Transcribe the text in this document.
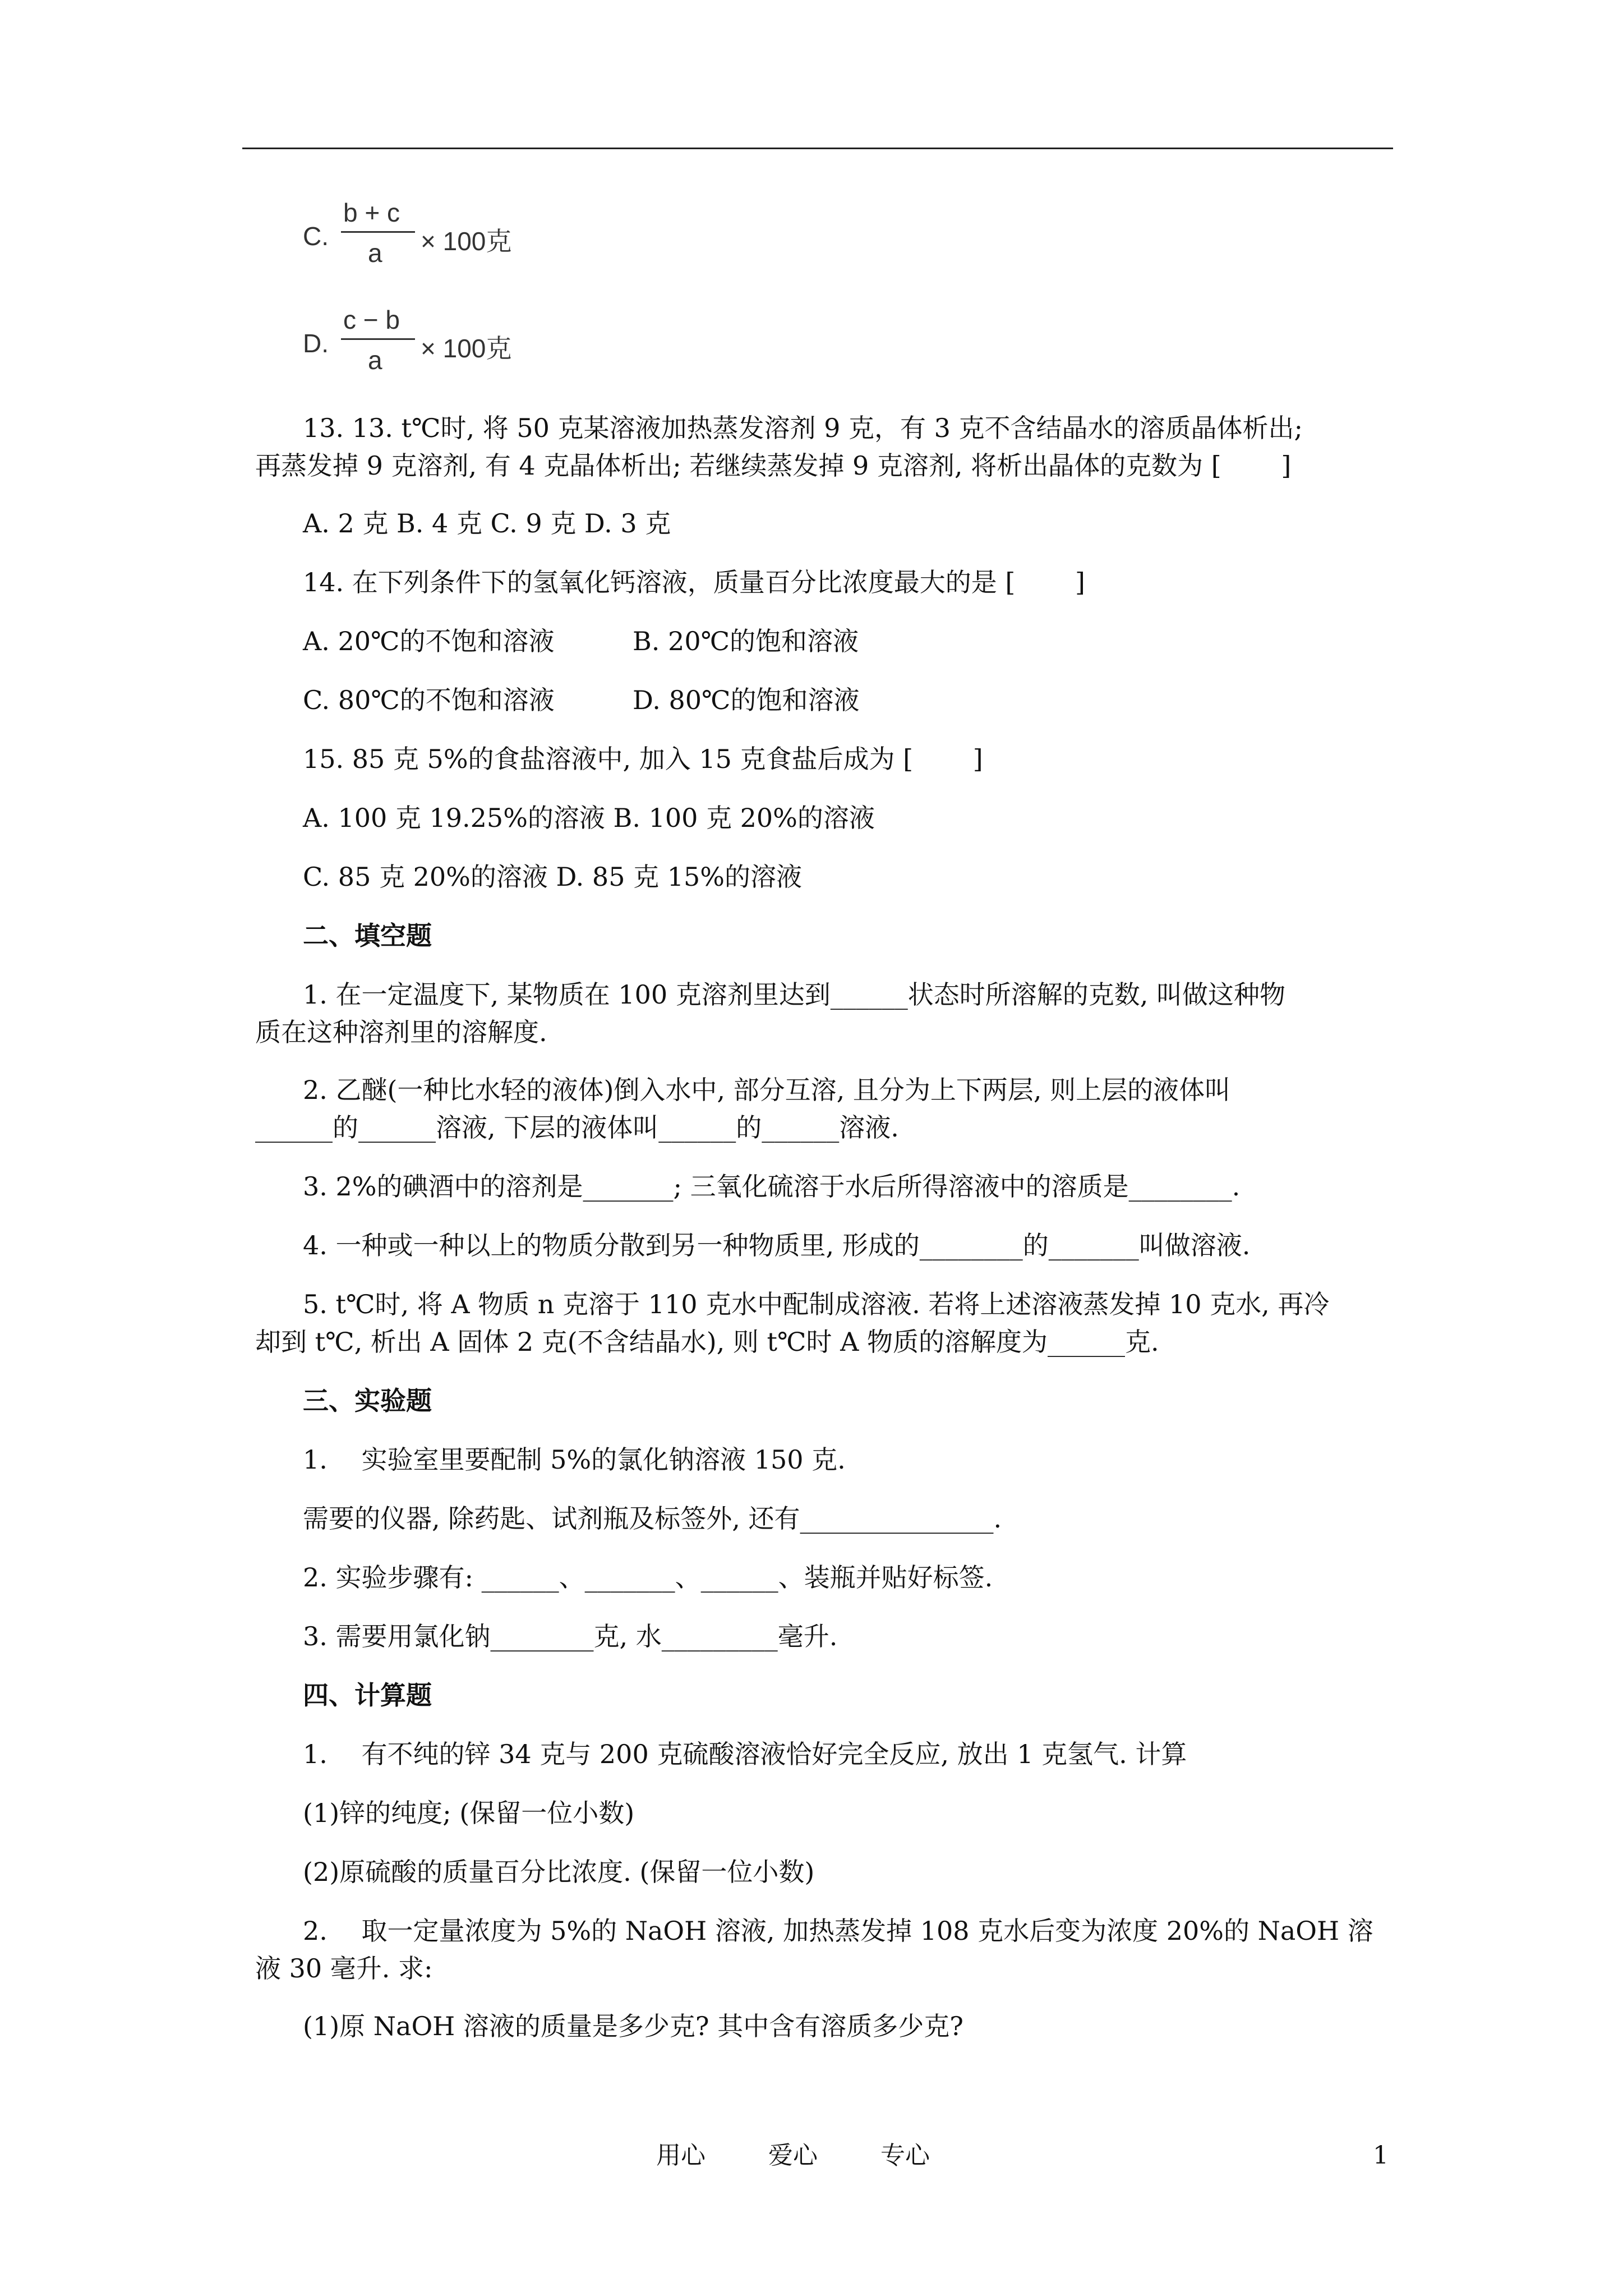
C.
b + c
a × 100克
D.
c − b
a × 100克
13. 13. t℃时, 将 50 克某溶液加热蒸发溶剂 9 克，有 3 克不含结晶水的溶质晶体析出;
再蒸发掉 9 克溶剂, 有 4 克晶体析出; 若继续蒸发掉 9 克溶剂, 将析出晶体的克数为 [　　 ]
A. 2 克 B. 4 克 C. 9 克 D. 3 克
14. 在下列条件下的氢氧化钙溶液，质量百分比浓度最大的是 [　　 ]
A. 20℃的不饱和溶液	B. 20℃的饱和溶液
C. 80℃的不饱和溶液	D. 80℃的饱和溶液
15. 85 克 5%的食盐溶液中, 加入 15 克食盐后成为 [　　 ]
A. 100 克 19.25%的溶液 B. 100 克 20%的溶液
C. 85 克 20%的溶液 D. 85 克 15%的溶液
二、填空题
1. 在一定温度下, 某物质在 100 克溶剂里达到______状态时所溶解的克数, 叫做这种物
质在这种溶剂里的溶解度.
2. 乙醚(一种比水轻的液体)倒入水中, 部分互溶, 且分为上下两层, 则上层的液体叫
______的______溶液, 下层的液体叫______的______溶液.
3. 2%的碘酒中的溶剂是_______; 三氧化硫溶于水后所得溶液中的溶质是________.
4. 一种或一种以上的物质分散到另一种物质里, 形成的________的_______叫做溶液.
5. t℃时, 将 A 物质 n 克溶于 110 克水中配制成溶液. 若将上述溶液蒸发掉 10 克水, 再冷
却到 t℃, 析出 A 固体 2 克(不含结晶水), 则 t℃时 A 物质的溶解度为______克.
三、实验题
1.　 实验室里要配制 5%的氯化钠溶液 150 克.
需要的仪器, 除药匙、试剂瓶及标签外, 还有_______________.
2. 实验步骤有: ______、_______、______、装瓶并贴好标签.
3. 需要用氯化钠________克, 水_________毫升.
四、计算题
1.　 有不纯的锌 34 克与 200 克硫酸溶液恰好完全反应, 放出 1 克氢气. 计算
(1)锌的纯度; (保留一位小数)
(2)原硫酸的质量百分比浓度. (保留一位小数)
2.　 取一定量浓度为 5%的 NaOH 溶液, 加热蒸发掉 108 克水后变为浓度 20%的 NaOH 溶
液 30 毫升. 求:
(1)原 NaOH 溶液的质量是多少克? 其中含有溶质多少克?
用心	爱心	专心	1
